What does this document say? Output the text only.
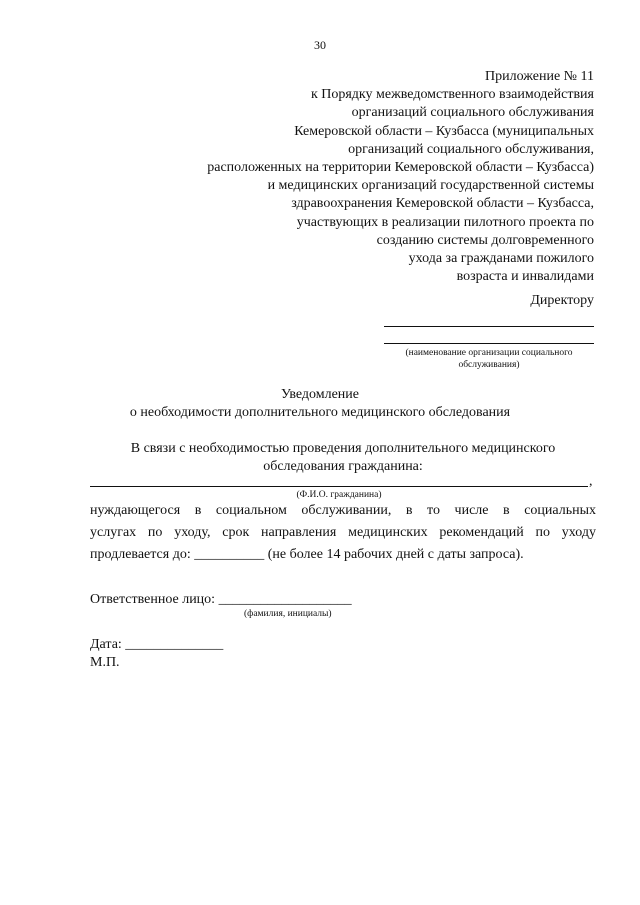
30
Приложение № 11
к Порядку межведомственного взаимодействия
организаций социального обслуживания
Кемеровской области – Кузбасса (муниципальных
организаций социального обслуживания,
расположенных на территории Кемеровской области – Кузбасса)
и медицинских организаций государственной системы
здравоохранения Кемеровской области – Кузбасса,
участвующих в реализации пилотного проекта по
созданию системы долговременного
ухода за гражданами пожилого
возраста и инвалидами
Директору
(наименование организации социального
обслуживания)
Уведомление
о необходимости дополнительного медицинского обследования
В связи с необходимостью проведения дополнительного медицинского
обследования гражданина:
,
(Ф.И.О. гражданина)
нуждающегося в социальном обслуживании, в то числе в социальных
услугах по уходу, срок направления медицинских рекомендаций по уходу
продлевается до: __________ (не более 14 рабочих дней с даты запроса).
Ответственное лицо: ___________________
(фамилия, инициалы)
Дата: ______________
М.П.
